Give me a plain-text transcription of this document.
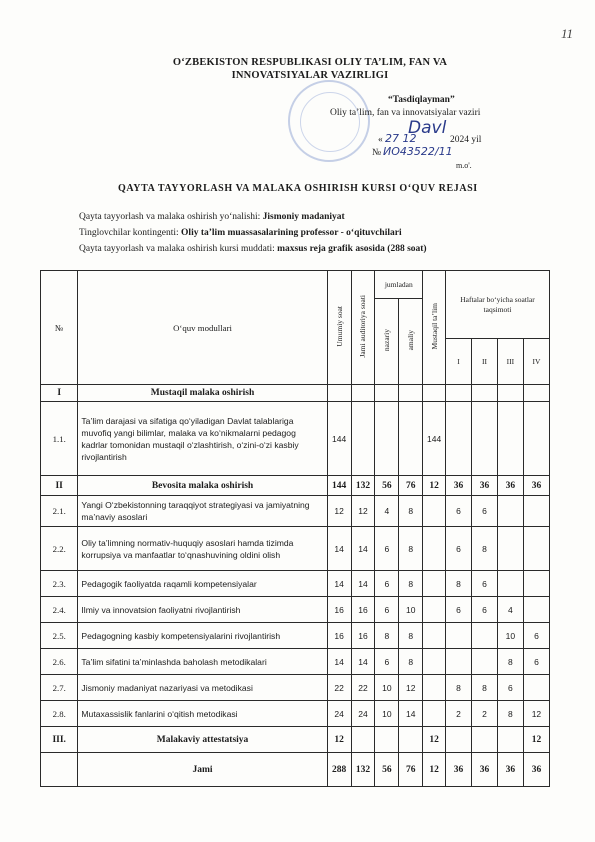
11
O‘ZBEKISTON RESPUBLIKASI OLIY TA’LIM, FAN VA
INNOVATSIYALAR VAZIRLIGI
“Tasdiqlayman”
Oliy ta’lim, fan va innovatsiyalar vaziri
Davl
« 27 12	2024 yil
№ ИО43522/11
m.o'.
QAYTA TAYYORLASH VA MALAKA OSHIRISH KURSI O‘QUV REJASI
Qayta tayyorlash va malaka oshirish yo‘nalishi: Jismoniy madaniyat
Tinglovchilar kontingenti: Oliy ta’lim muassasalarining professor - o‘qituvchilari
Qayta tayyorlash va malaka oshirish kursi muddati: maxsus reja grafik asosida (288 soat)
№	O‘quv modullari	Umumiy soat	Jami auditoriya soati	jumladan		Mustaqil ta’lim	Haftalar bo‘yicha soatlar taqsimoti			
				nazariy	amaliy					
							I	II	III	IV
I	Mustaqil malaka oshirish									
1.1.	Ta’lim darajasi va sifatiga qo‘yiladigan Davlat talablariga muvofiq yangi bilimlar, malaka va ko‘nikmalarni pedagog kadrlar tomonidan mustaqil o‘zlashtirish, o‘zini-o‘zi kasbiy rivojlantirish	144				144				
II	Bevosita malaka oshirish	144	132	56	76	12	36	36	36	36
2.1.	Yangi O‘zbekistonning taraqqiyot strategiyasi va jamiyatning ma’naviy asoslari	12	12	4	8		6	6		
2.2.	Oliy ta’limning normativ-huquqiy asoslari hamda tizimda korrupsiya va manfaatlar to‘qnashuvining oldini olish	14	14	6	8		6	8		
2.3.	Pedagogik faoliyatda raqamli kompetensiyalar	14	14	6	8		8	6		
2.4.	Ilmiy va innovatsion faoliyatni rivojlantirish	16	16	6	10		6	6	4	
2.5.	Pedagogning kasbiy kompetensiyalarini rivojlantirish	16	16	8	8				10	6
2.6.	Ta’lim sifatini ta’minlashda baholash metodikalari	14	14	6	8				8	6
2.7.	Jismoniy madaniyat nazariyasi va metodikasi	22	22	10	12		8	8	6	
2.8.	Mutaxassislik fanlarini o‘qitish metodikasi	24	24	10	14		2	2	8	12
III.	Malakaviy attestatsiya	12				12				12
	Jami	288	132	56	76	12	36	36	36	36
